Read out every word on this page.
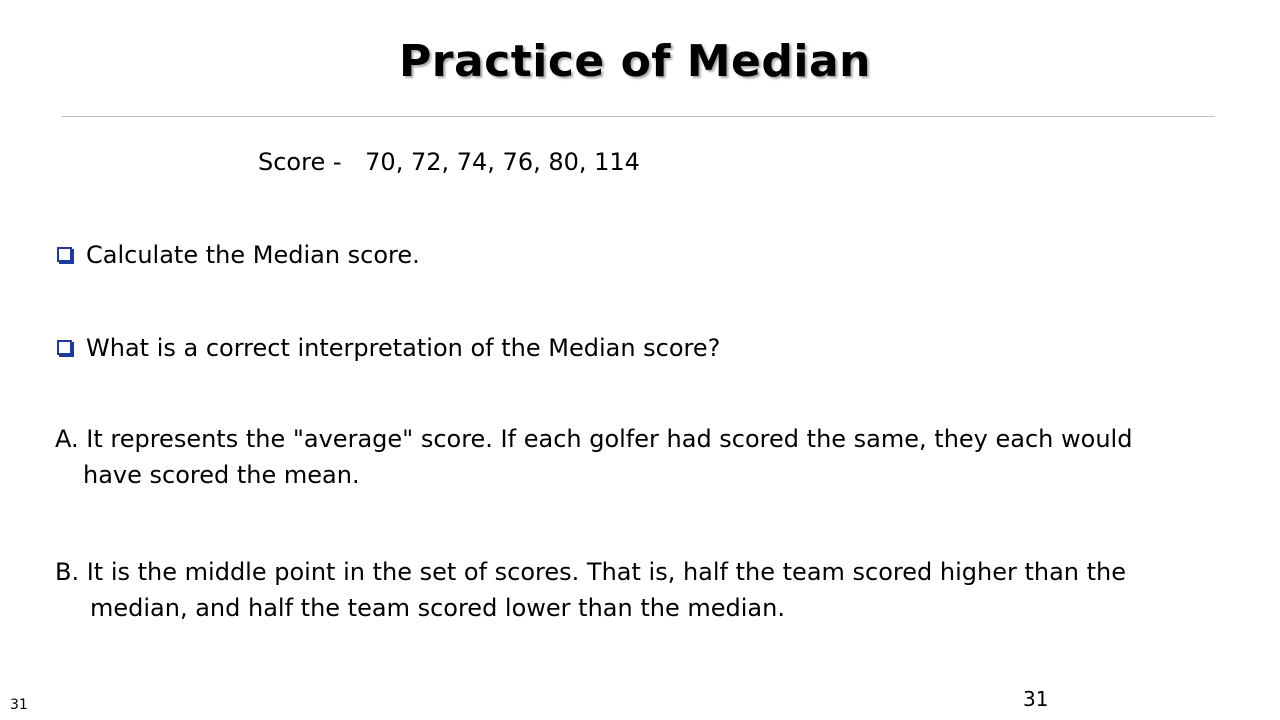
Practice of Median
Score - 70, 72, 74, 76, 80, 114
Calculate the Median score.
What is a correct interpretation of the Median score?
A. It represents the "average" score. If each golfer had scored the same, they each would
have scored the mean.
B. It is the middle point in the set of scores. That is, half the team scored higher than the
median, and half the team scored lower than the median.
31
31
